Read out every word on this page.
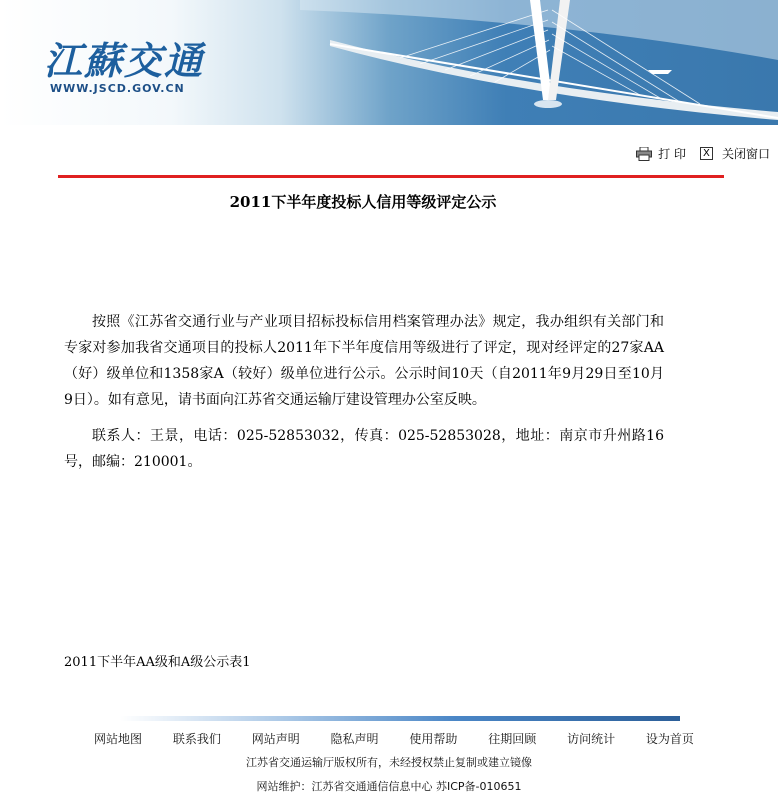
江蘇交通
WWW.JSCD.GOV.CN
打 印	X 关闭窗口
2011下半年度投标人信用等级评定公示

按照《江苏省交通行业与产业项目招标投标信用档案管理办法》规定，我办组织有关部门和专家对参加我省交通项目的投标人2011年下半年度信用等级进行了评定，现对经评定的27家AA（好）级单位和1358家A（较好）级单位进行公示。公示时间10天（自2011年9月29日至10月9日）。如有意见，请书面向江苏省交通运输厅建设管理办公室反映。

联系人：王景，电话：025-52853032，传真：025-52853028，地址：南京市升州路16号，邮编：210001。

2011下半年AA级和A级公示表1
网站地图	联系我们	网站声明	隐私声明	使用帮助	往期回顾	访问统计	设为首页
江苏省交通运输厅版权所有，未经授权禁止复制或建立镜像
网站维护：江苏省交通通信信息中心 苏ICP备-010651
